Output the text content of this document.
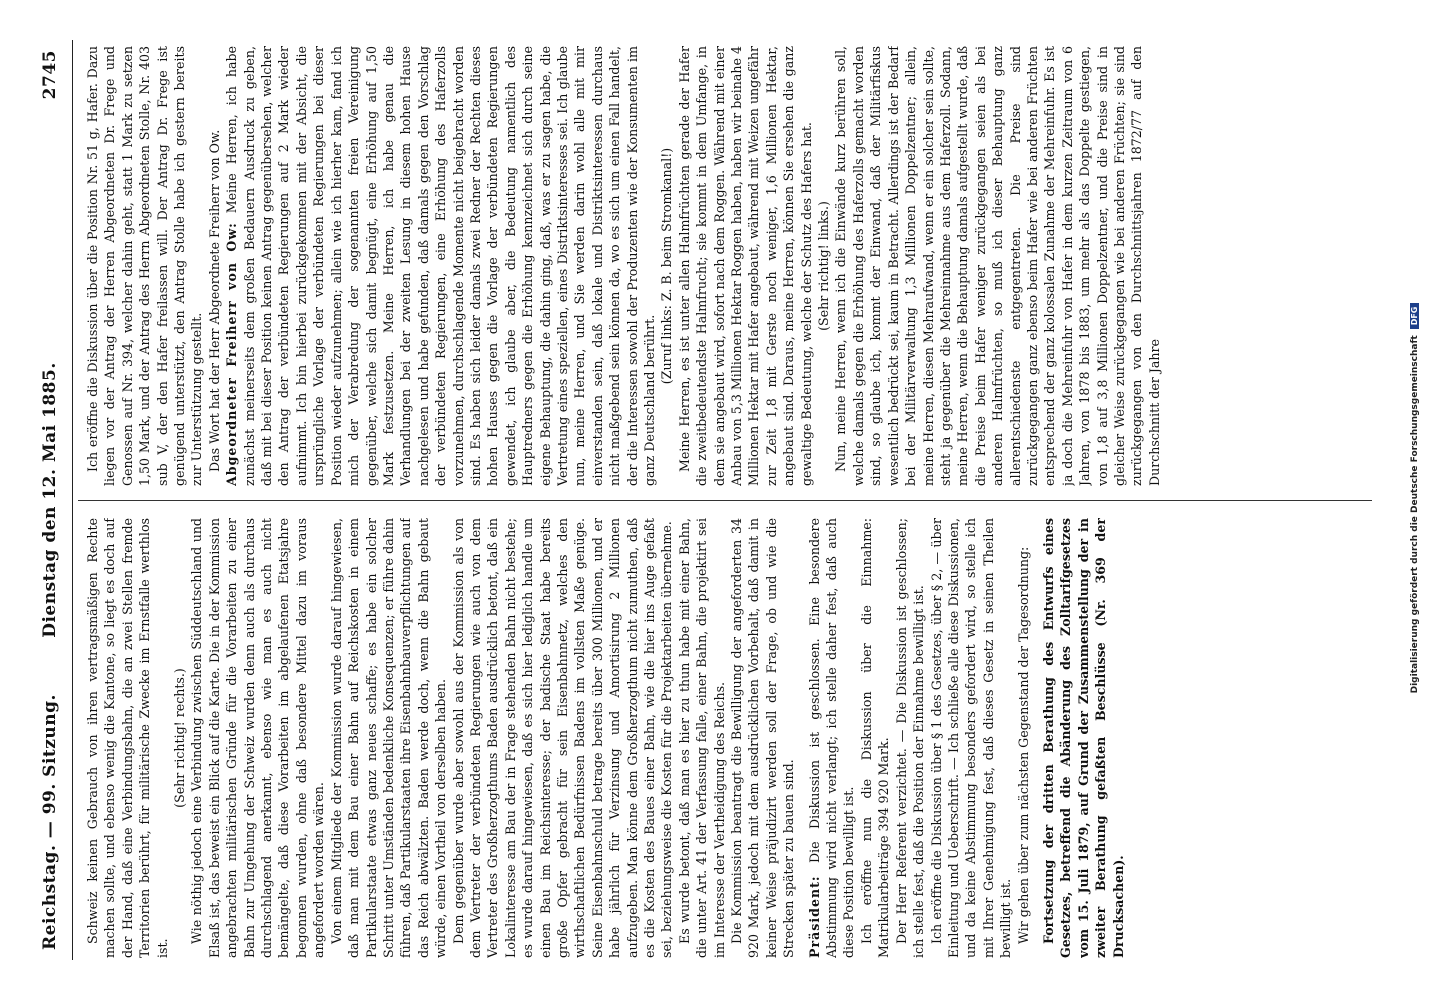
Reichstag. — 99. Sitzung.
Dienstag den 12. Mai 1885.
2745

Schweiz keinen Gebrauch von ihren vertragsmäßigen Rechte machen sollte, und ebenso wenig die Kantone, so liegt es doch auf der Hand, daß eine Verbindungsbahn, die an zwei Stellen fremde Territorien berührt, für militärische Zwecke im Ernstfalle werthlos ist.

(Sehr richtig! rechts.) Wie nöthig jedoch eine Verbindung zwischen Süddeutschland und Elsaß ist, das beweist ein Blick auf die Karte. Die in der Kommission angebrachten militärischen Gründe für die Vorarbeiten zu einer Bahn zur Umgehung der Schweiz wurden denn auch als durchaus durchschlagend anerkannt, ebenso wie man es auch nicht bemängelte, daß diese Vorarbeiten im abgelaufenen Etatsjahre begonnen wurden, ohne daß besondere Mittel dazu im voraus angefordert worden wären. Von einem Mitgliede der Kommission wurde darauf hingewiesen, daß man mit dem Bau einer Bahn auf Reichskosten in einem Partikularstaate etwas ganz neues schaffe; es habe ein solcher Schritt unter Umständen bedenkliche Konsequenzen; er führe dahin führen, daß Partikularstaaten ihre Eisenbahnbauverpflichtungen auf das Reich abwälzten. Baden werde doch, wenn die Bahn gebaut würde, einen Vortheil von derselben haben. Dem gegenüber wurde aber sowohl aus der Kommission als von dem Vertreter der verbündeten Regierungen wie auch von dem Vertreter des Großherzogthums Baden ausdrücklich betont, daß ein Lokalinteresse am Bau der in Frage stehenden Bahn nicht bestehe; es wurde darauf hingewiesen, daß es sich hier lediglich handle um einen Bau im Reichsinteresse; der badische Staat habe bereits große Opfer gebracht für sein Eisenbahnnetz, welches den wirthschaftlichen Bedürfnissen Badens im vollsten Maße genüge. Seine Eisenbahnschuld betrage bereits über 300 Millionen, und er habe jährlich für Verzinsung und Amortisirung 2 Millionen aufzugeben. Man könne dem Großherzogthum nicht zumuthen, daß es die Kosten des Baues einer Bahn, wie die hier ins Auge gefaßt sei, beziehungsweise die Kosten für die Projektarbeiten übernehme. Es wurde betont, daß man es hier zu thun habe mit einer Bahn, die unter Art. 41 der Verfassung falle, einer Bahn, die projektirt sei im Interesse der Vertheidigung des Reichs. Die Kommission beantragt die Bewilligung der angeforderten 34 920 Mark, jedoch mit dem ausdrücklichen Vorbehalt, daß damit in keiner Weise präjudizirt werden soll der Frage, ob und wie die Strecken später zu bauen sind. Präsident: Die Diskussion ist geschlossen. Eine besondere Abstimmung wird nicht verlangt; ich stelle daher fest, daß auch diese Position bewilligt ist. Ich eröffne nun die Diskussion über die Einnahme: Matrikularbeiträge 394 920 Mark. Der Herr Referent verzichtet. — Die Diskussion ist geschlossen; ich stelle fest, daß die Position der Einnahme bewilligt ist. Ich eröffne die Diskussion über § 1 des Gesetzes, über § 2, — über Einleitung und Ueberschrift. — Ich schließe alle diese Diskussionen, und da keine Abstimmung besonders gefordert wird, so stelle ich mit Ihrer Genehmigung fest, daß dieses Gesetz in seinen Theilen bewilligt ist. Wir gehen über zum nächsten Gegenstand der Tagesordnung: Fortsetzung der dritten Berathung des Entwurfs eines Gesetzes, betreffend die Abänderung des Zolltarifgesetzes vom 15. Juli 1879, auf Grund der Zusammenstellung der in zweiter Berathung gefaßten Beschlüsse (Nr. 369 der Drucksachen).

Ich eröffne die Diskussion über die Position Nr. 51 g, Hafer. Dazu liegen vor der Antrag der Herren Abgeordneten Dr. Frege und Genossen auf Nr. 394, welcher dahin geht, statt 1 Mark zu setzen 1,50 Mark, und der Antrag des Herrn Abgeordneten Stolle, Nr. 403 sub V, der den Hafer freilassen will. Der Antrag Dr. Frege ist genügend unterstützt, den Antrag Stolle habe ich gestern bereits zur Unterstützung gestellt. Das Wort hat der Herr Abgeordnete Freiherr von Ow. Abgeordneter Freiherr von Ow: Meine Herren, ich habe zunächst meinerseits dem großen Bedauern Ausdruck zu geben, daß mit bei dieser Position keinen Antrag gegenübersehen, welcher den Antrag der verbündeten Regierungen auf 2 Mark wieder aufnimmt. Ich bin hierbei zurückgekommen mit der Absicht, die ursprüngliche Vorlage der verbündeten Regierungen bei dieser Position wieder aufzunehmen; allein wie ich hierher kam, fand ich mich der Verabredung der sogenannten freien Vereinigung gegenüber, welche sich damit begnügt, eine Erhöhung auf 1,50 Mark festzusetzen. Meine Herren, ich habe genau die Verhandlungen bei der zweiten Lesung in diesem hohen Hause nachgelesen und habe gefunden, daß damals gegen den Vorschlag der verbündeten Regierungen, eine Erhöhung des Haferzolls vorzunehmen, durchschlagende Momente nicht beigebracht worden sind. Es haben sich leider damals zwei Redner der Rechten dieses hohen Hauses gegen die Vorlage der verbündeten Regierungen gewendet, ich glaube aber, die Bedeutung namentlich des Hauptredners gegen die Erhöhung kennzeichnet sich durch seine eigene Behauptung, die dahin ging, daß, was er zu sagen habe, die Vertretung eines speziellen, eines Distriktsinteresses sei. Ich glaube nun, meine Herren, und Sie werden darin wohl alle mit mir einverstanden sein, daß lokale und Distriktsinteressen durchaus nicht maßgebend sein können da, wo es sich um einen Fall handelt, der die Interessen sowohl der Produzenten wie der Konsumenten im ganz Deutschland berührt.

(Zuruf links: Z. B. beim Stromkanal!) Meine Herren, es ist unter allen Halmfrüchten gerade der Hafer die zweitbedeutendste Halmfrucht; sie kommt in dem Umfange, in dem sie angebaut wird, sofort nach dem Roggen. Während mit einer Anbau von 5,3 Millionen Hektar Roggen haben, haben wir beinahe 4 Millionen Hektar mit Hafer angebaut, während mit Weizen ungefähr zur Zeit 1,8 mit Gerste noch weniger, 1,6 Millionen Hektar, angebaut sind. Daraus, meine Herren, können Sie ersehen die ganz gewaltige Bedeutung, welche der Schutz des Hafers hat. (Sehr richtig! links.) Nun, meine Herren, wenn ich die Einwände kurz berühren soll, welche damals gegen die Erhöhung des Haferzolls gemacht worden sind, so glaube ich, kommt der Einwand, daß der Militärfiskus wesentlich bedrückt sei, kaum in Betracht. Allerdings ist der Bedarf bei der Militärverwaltung 1,3 Millionen Doppelzentner; allein, meine Herren, diesen Mehraufwand, wenn er ein solcher sein sollte, steht ja gegenüber die Mehreinnahme aus dem Haferzoll. Sodann, meine Herren, wenn die Behauptung damals aufgestellt wurde, daß die Preise beim Hafer weniger zurückgegangen seien als bei anderen Halmfrüchten, so muß ich dieser Behauptung ganz allerentschiedenste entgegentreten. Die Preise sind zurückgegangen ganz ebenso beim Hafer wie bei anderen Früchten entsprechend der ganz kolossalen Zunahme der Mehreinfuhr. Es ist ja doch die Mehreinfuhr von Hafer in dem kurzen Zeitraum von 6 Jahren, von 1878 bis 1883, um mehr als das Doppelte gestiegen, von 1,8 auf 3,8 Millionen Doppelzentner, und die Preise sind in gleicher Weise zurückgegangen wie bei anderen Früchten; sie sind zurückgegangen von den Durchschnittsjahren 1872/77 auf den Durchschnitt der Jahre	Digitalisierung gefördert durch die Deutsche ForschungsgemeinschaftDFG
